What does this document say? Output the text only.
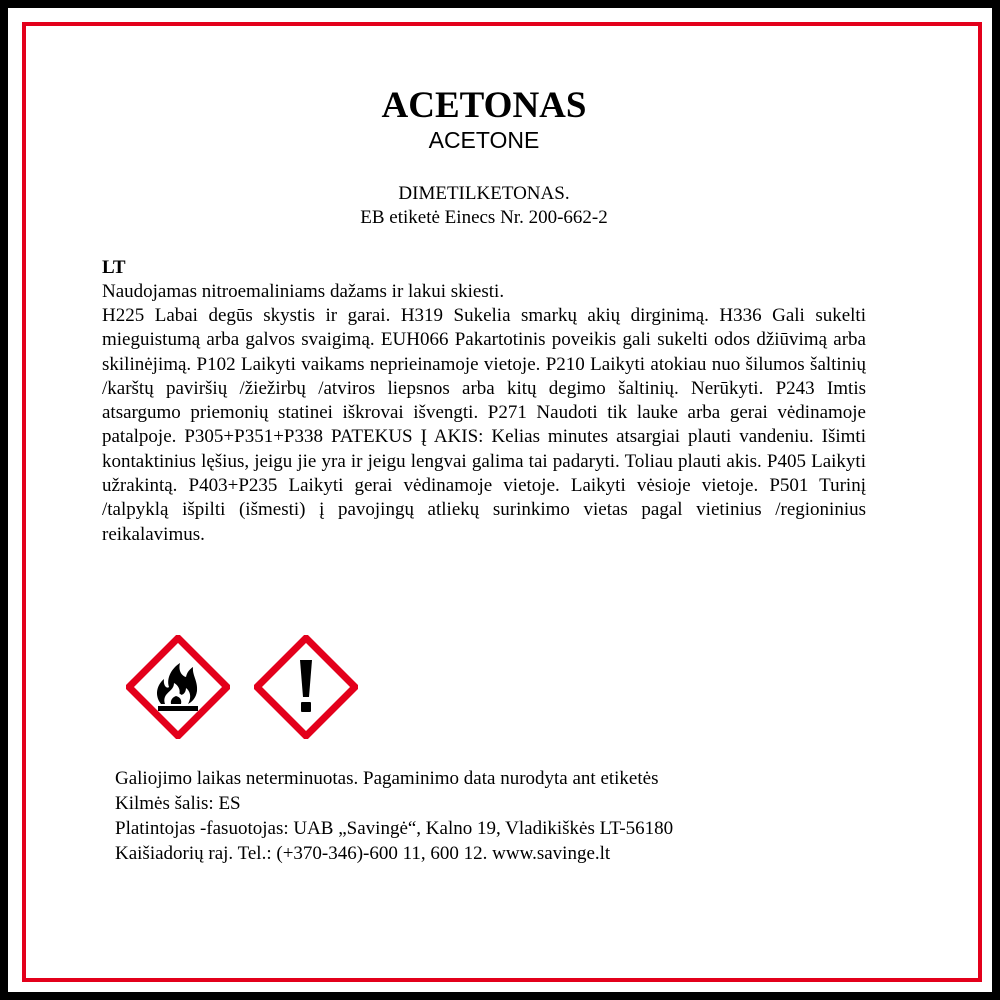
ACETONAS
ACETONE
DIMETILKETONAS.
EB etiketė Einecs Nr. 200-662-2
LT
Naudojamas nitroemaliniams dažams ir lakui skiesti.
H225 Labai degūs skystis ir garai. H319 Sukelia smarkų akių dirginimą. H336 Gali sukelti mieguistumą arba galvos svaigimą. EUH066 Pakartotinis poveikis gali sukelti odos džiūvimą arba skilinėjimą. P102 Laikyti vaikams neprieinamoje vietoje. P210 Laikyti atokiau nuo šilumos šaltinių /karštų paviršių /žiežirbų /atviros liepsnos arba kitų degimo šaltinių. Nerūkyti. P243 Imtis atsargumo priemonių statinei iškrovai išvengti. P271 Naudoti tik lauke arba gerai vėdinamoje patalpoje. P305+P351+P338 PATEKUS Į AKIS: Kelias minutes atsargiai plauti vandeniu. Išimti kontaktinius lęšius, jeigu jie yra ir jeigu lengvai galima tai padaryti. Toliau plauti akis. P405 Laikyti užrakintą. P403+P235 Laikyti gerai vėdinamoje vietoje. Laikyti vėsioje vietoje. P501 Turinį /talpyklą išpilti (išmesti) į pavojingų atliekų surinkimo vietas pagal vietinius /regioninius reikalavimus.
Galiojimo laikas neterminuotas. Pagaminimo data nurodyta ant etiketės
Kilmės šalis: ES
Platintojas -fasuotojas: UAB „Savingė“, Kalno 19, Vladikiškės LT-56180
Kaišiadorių raj. Tel.: (+370-346)-600 11, 600 12. www.savinge.lt
